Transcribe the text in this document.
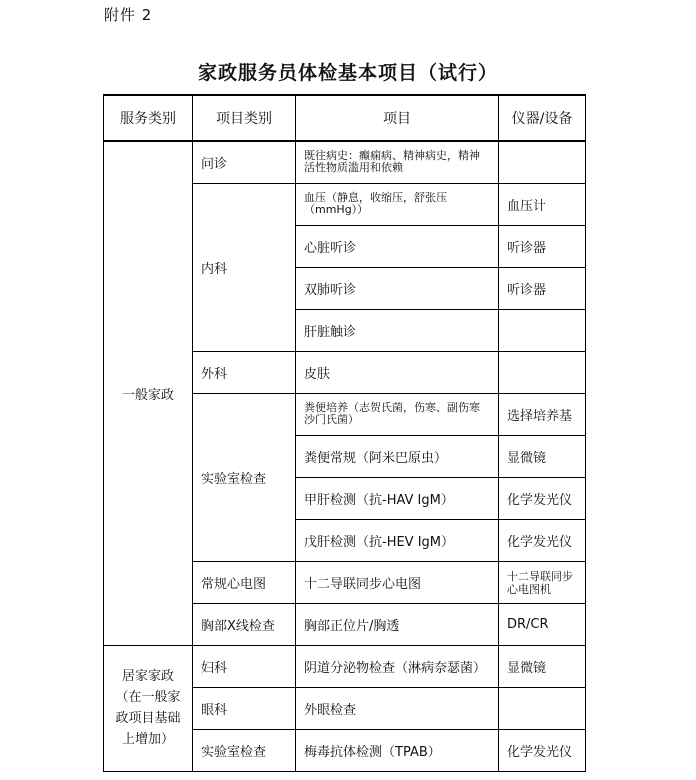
附件 2
家政服务员体检基本项目（试行）
服务类别	项目类别	项目	仪器/设备
一般家政	问诊	既往病史：癫痫病、精神病史，精神活性物质滥用和依赖	
	内科	血压（静息，收缩压，舒张压（mmHg））	血压计
		心脏听诊	听诊器
		双肺听诊	听诊器
		肝脏触诊	
	外科	皮肤	
	实验室检查	粪便培养（志贺氏菌，伤寒、副伤寒沙门氏菌）	选择培养基
		粪便常规（阿米巴原虫）	显微镜
		甲肝检测（抗-HAV IgM）	化学发光仪
		戊肝检测（抗-HEV IgM）	化学发光仪
	常规心电图	十二导联同步心电图	十二导联同步心电图机

	胸部X线检查	胸部正位片/胸透	DR/CR

居家家政
（在一般家
政项目基础
上增加）	妇科	阴道分泌物检查（淋病奈瑟菌）	显微镜
	眼科	外眼检查	
	实验室检查	梅毒抗体检测（TPAB）	化学发光仪
